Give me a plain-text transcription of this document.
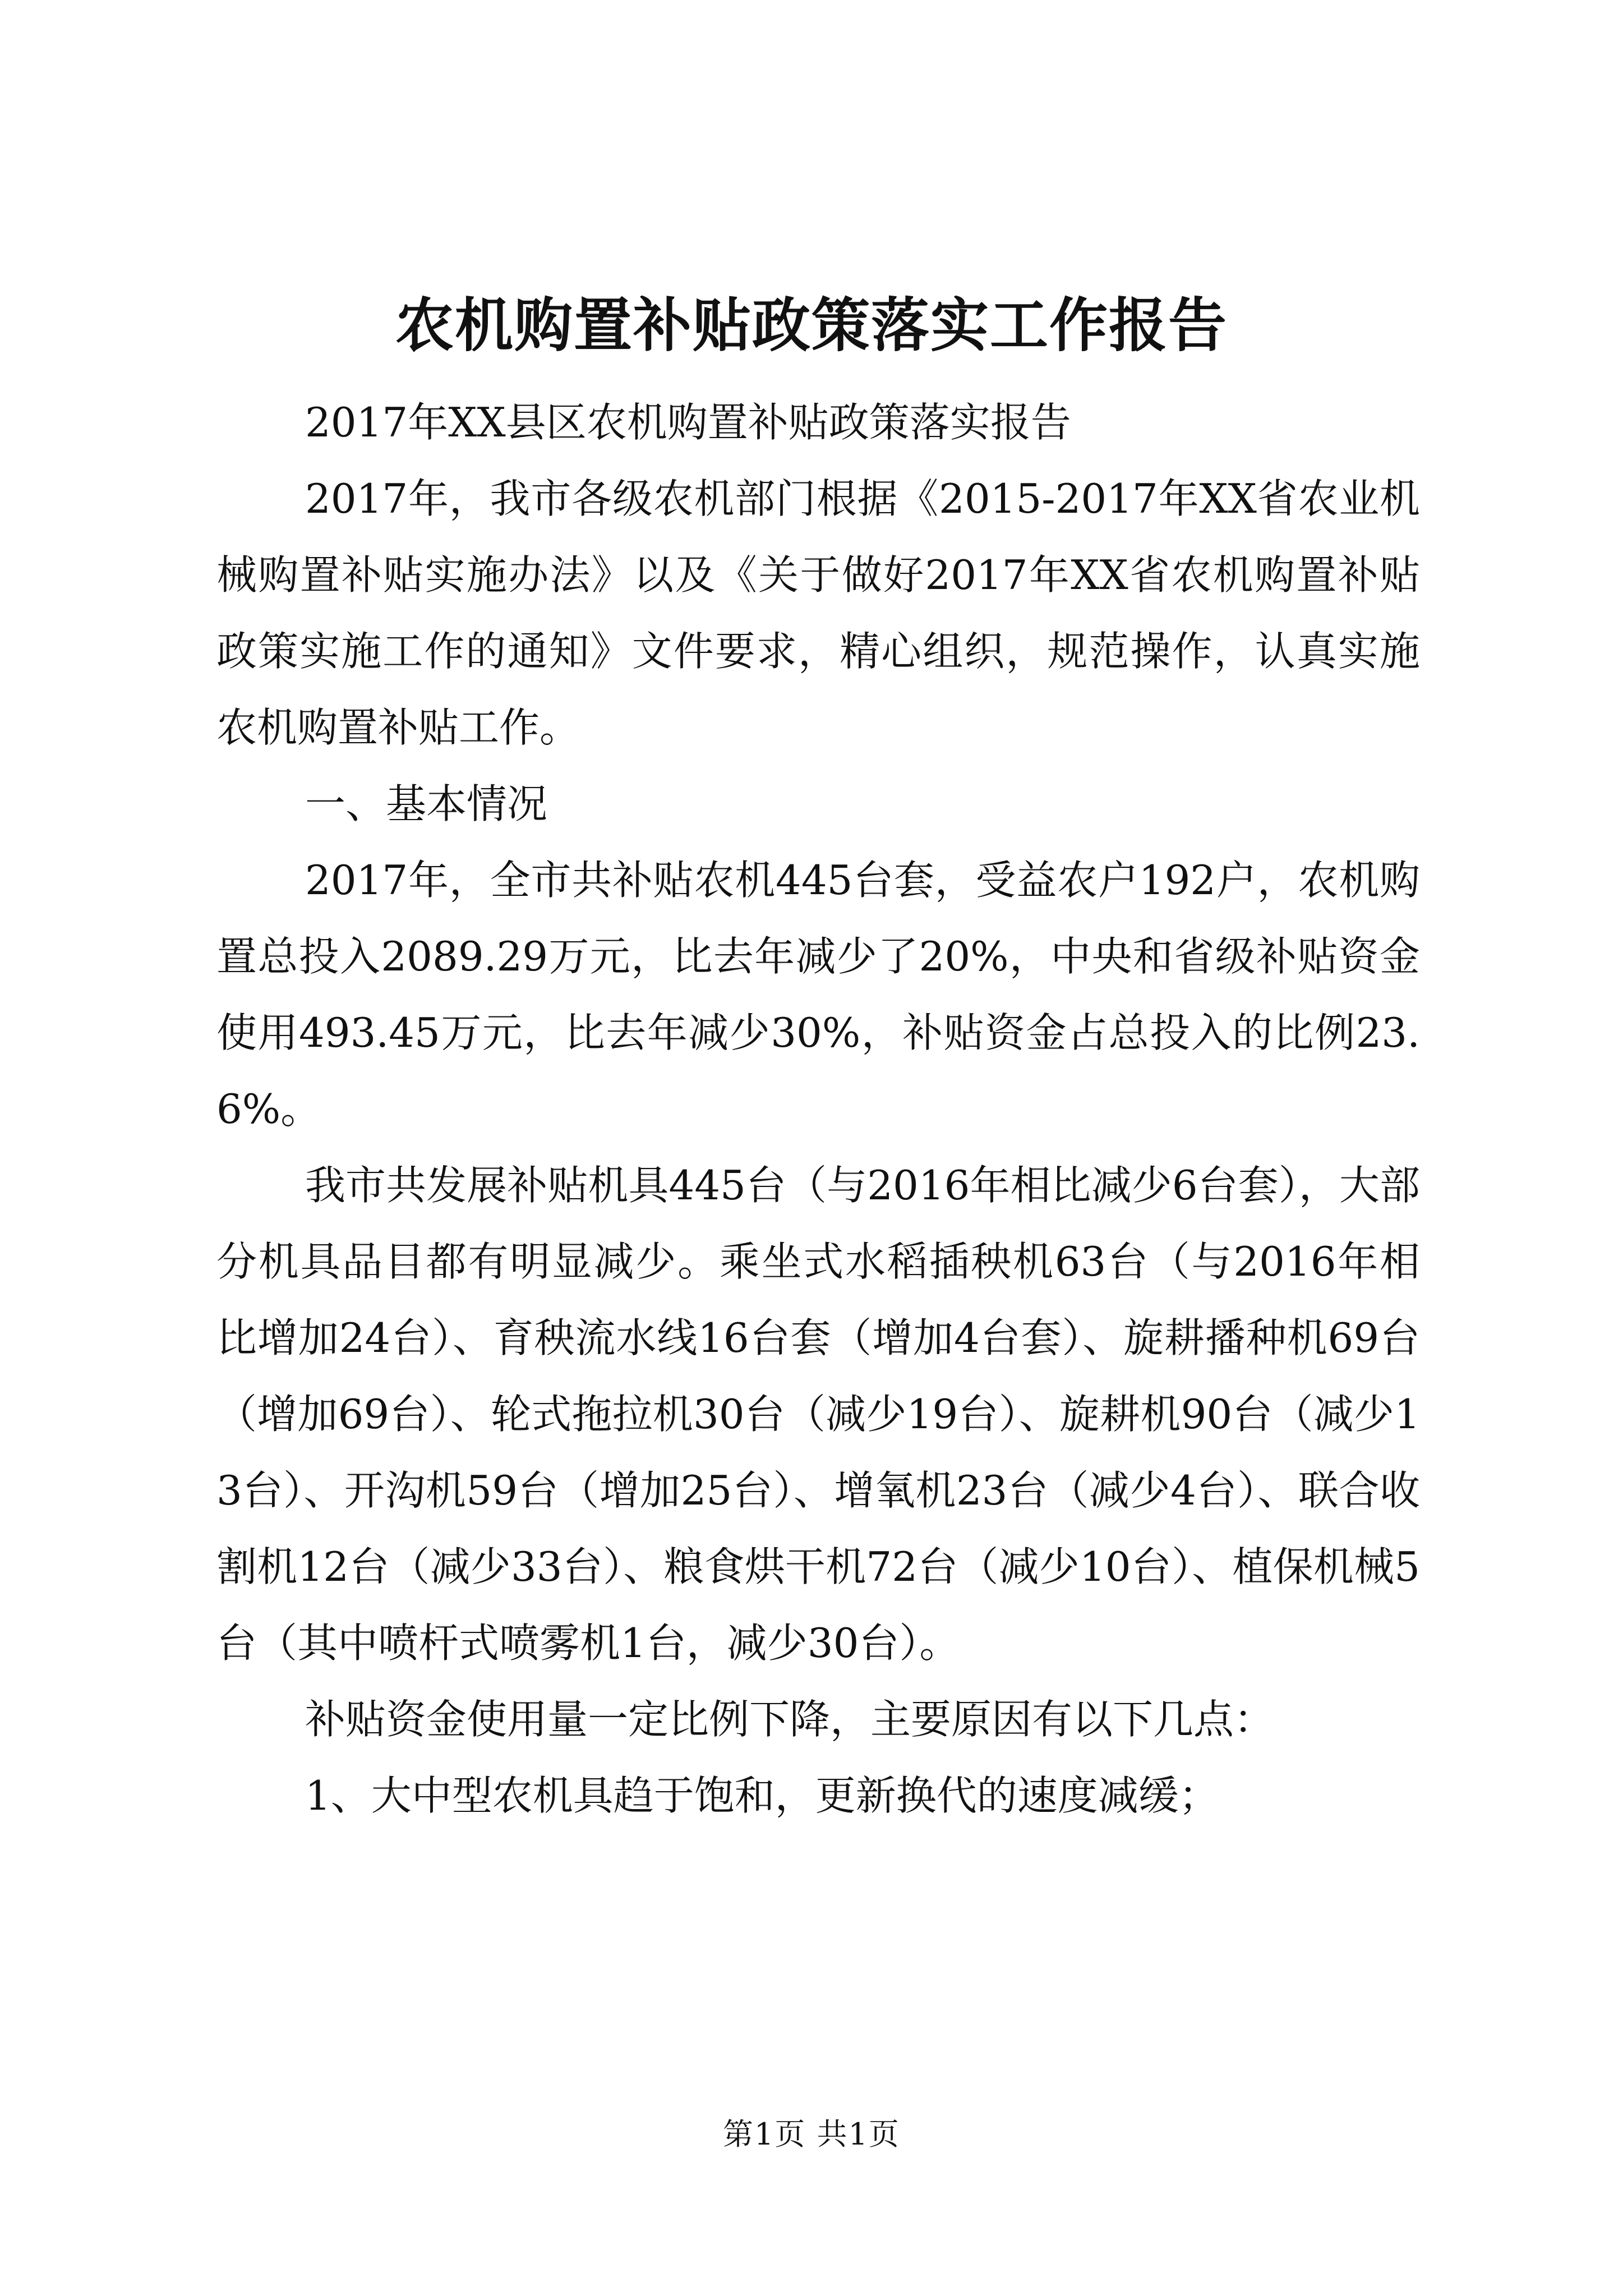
农机购置补贴政策落实工作报告

2017年XX县区农机购置补贴政策落实报告

2017年，我市各级农机部门根据《2015-2017年XX省农业机械购置补贴实施办法》以及《关于做好2017年XX省农机购置补贴政策实施工作的通知》文件要求，精心组织，规范操作，认真实施农机购置补贴工作。

一、基本情况

2017年，全市共补贴农机445台套，受益农户192户，农机购置总投入2089.29万元，比去年减少了20%，中央和省级补贴资金使用493.45万元，比去年减少30%，补贴资金占总投入的比例23.6%。

我市共发展补贴机具445台（与2016年相比减少6台套），大部分机具品目都有明显减少。乘坐式水稻插秧机63台（与2016年相比增加24台）、育秧流水线16台套（增加4台套）、旋耕播种机69台（增加69台）、轮式拖拉机30台（减少19台）、旋耕机90台（减少13台）、开沟机59台（增加25台）、增氧机23台（减少4台）、联合收割机12台（减少33台）、粮食烘干机72台（减少10台）、植保机械5台（其中喷杆式喷雾机1台，减少30台）。

补贴资金使用量一定比例下降，主要原因有以下几点：

1、大中型农机具趋于饱和，更新换代的速度减缓；

第1页 共1页
